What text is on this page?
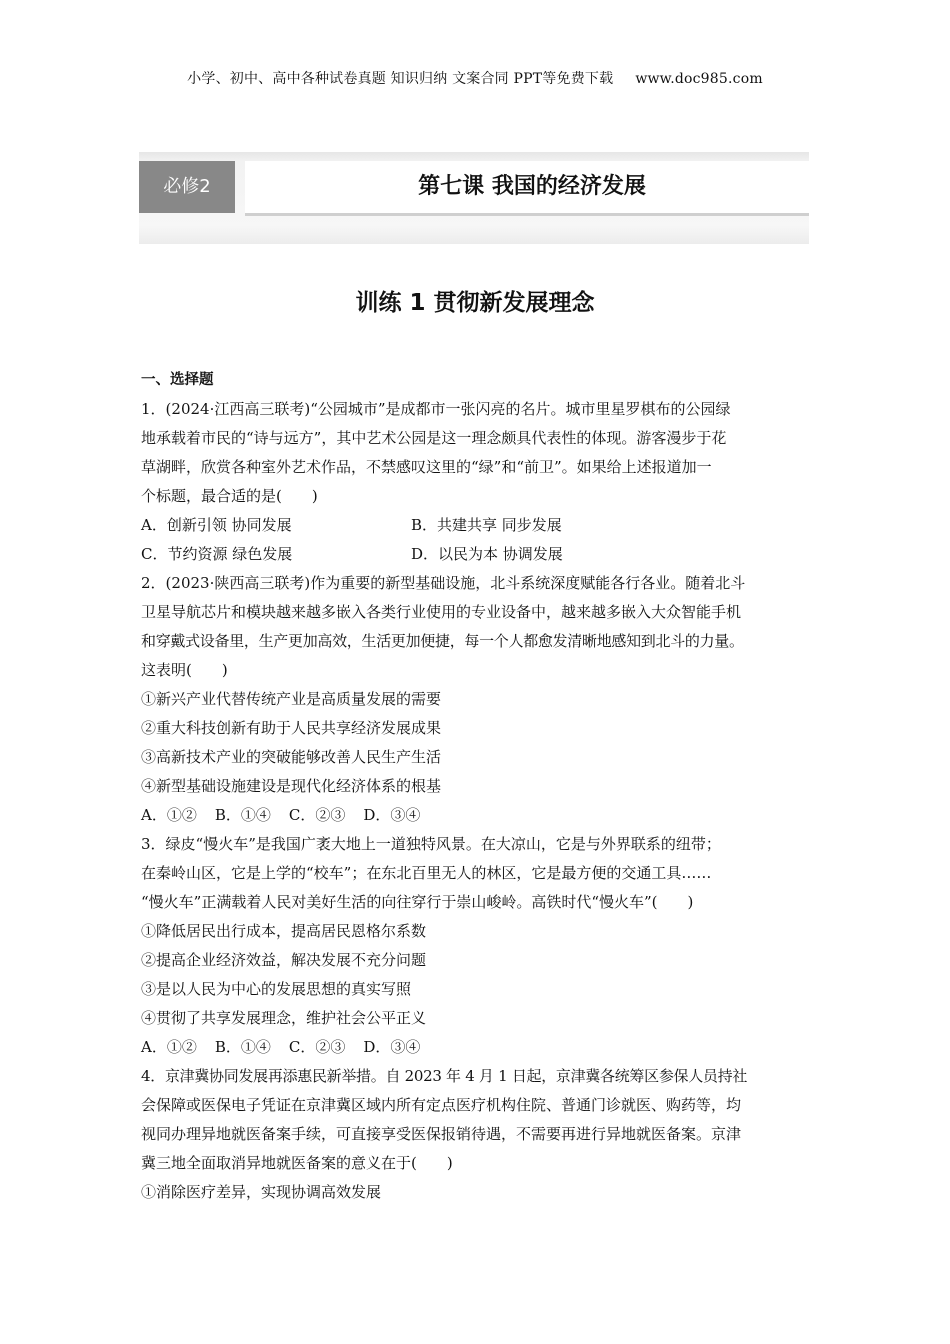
小学、初中、高中各种试卷真题 知识归纳 文案合同 PPT等免费下载 www.doc985.com
必修2	第七课 我国的经济发展
训练 1 贯彻新发展理念

一、选择题

1．(2024·江西高三联考)“公园城市”是成都市一张闪亮的名片。城市里星罗棋布的公园绿

地承载着市民的“诗与远方”，其中艺术公园是这一理念颇具代表性的体现。游客漫步于花

草湖畔，欣赏各种室外艺术作品，不禁感叹这里的“绿”和“前卫”。如果给上述报道加一

个标题，最合适的是(　　)

A．创新引领 协同发展	B．共建共享 同步发展

C．节约资源 绿色发展	D．以民为本 协调发展

2．(2023·陕西高三联考)作为重要的新型基础设施，北斗系统深度赋能各行各业。随着北斗

卫星导航芯片和模块越来越多嵌入各类行业使用的专业设备中，越来越多嵌入大众智能手机

和穿戴式设备里，生产更加高效，生活更加便捷，每一个人都愈发清晰地感知到北斗的力量。

这表明(　　)

①新兴产业代替传统产业是高质量发展的需要

②重大科技创新有助于人民共享经济发展成果

③高新技术产业的突破能够改善人民生产生活

④新型基础设施建设是现代化经济体系的根基

A．①② B．①④ C．②③ D．③④

3．绿皮“慢火车”是我国广袤大地上一道独特风景。在大凉山，它是与外界联系的纽带；

在秦岭山区，它是上学的“校车”；在东北百里无人的林区，它是最方便的交通工具……

“慢火车”正满载着人民对美好生活的向往穿行于崇山峻岭。高铁时代“慢火车”(　　)

①降低居民出行成本，提高居民恩格尔系数

②提高企业经济效益，解决发展不充分问题

③是以人民为中心的发展思想的真实写照

④贯彻了共享发展理念，维护社会公平正义

A．①② B．①④ C．②③ D．③④

4．京津冀协同发展再添惠民新举措。自 2023 年 4 月 1 日起，京津冀各统筹区参保人员持社

会保障或医保电子凭证在京津冀区域内所有定点医疗机构住院、普通门诊就医、购药等，均

视同办理异地就医备案手续，可直接享受医保报销待遇，不需要再进行异地就医备案。京津

冀三地全面取消异地就医备案的意义在于(　　)

①消除医疗差异，实现协调高效发展
